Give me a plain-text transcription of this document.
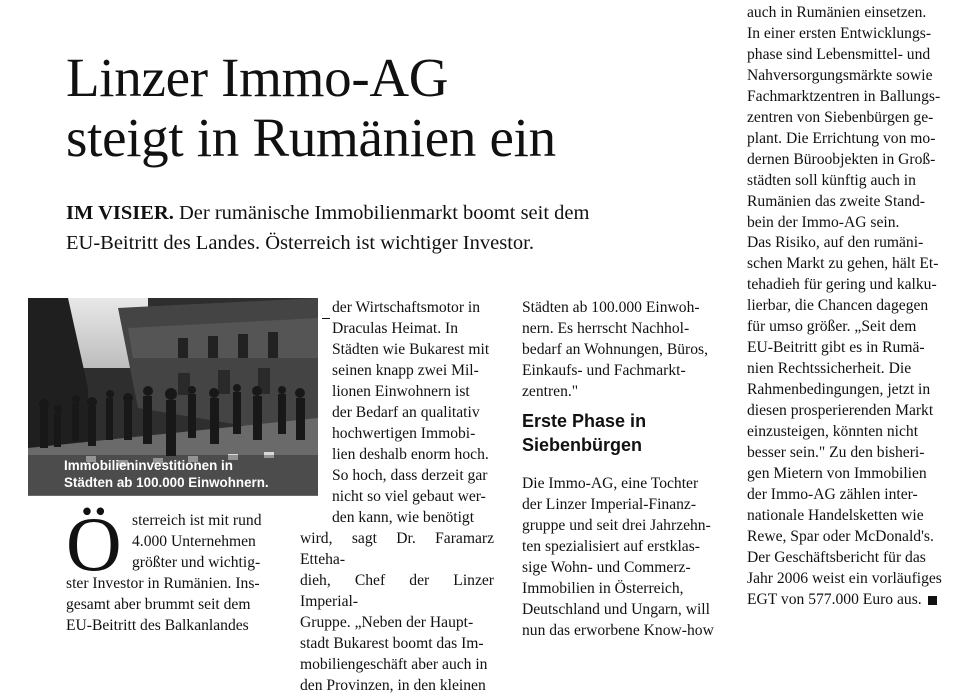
Linzer Immo-AG
steigt in Rumänien ein

IM VISIER. Der rumänische Immobilienmarkt boomt seit dem
EU-Beitritt des Landes. Österreich ist wichtiger Investor.

Immobilieninvestitionen in
Städten ab 100.000 Einwohnern.
Ö sterreich ist mit rund
4.000 Unternehmen
größter und wichtig-
ster Investor in Rumänien. Ins-
gesamt aber brummt seit dem
EU-Beitritt des Balkanlandes
der Wirtschaftsmotor in
Draculas Heimat. In
Städten wie Bukarest mit
seinen knapp zwei Mil-
lionen Einwohnern ist
der Bedarf an qualitativ
hochwertigen Immobi-
lien deshalb enorm hoch.
So hoch, dass derzeit gar
nicht so viel gebaut wer-
den kann, wie benötigt
wird, sagt Dr. Faramarz Etteha-
dieh, Chef der Linzer Imperial-
Gruppe. „Neben der Haupt-
stadt Bukarest boomt das Im-
mobiliengeschäft aber auch in
den Provinzen, in den kleinen
Städten ab 100.000 Einwoh-
nern. Es herrscht Nachhol-
bedarf an Wohnungen, Büros,
Einkaufs- und Fachmarkt-
zentren."
Erste Phase in
Siebenbürgen
Die Immo-AG, eine Tochter
der Linzer Imperial-Finanz-
gruppe und seit drei Jahrzehn-
ten spezialisiert auf erstklas-
sige Wohn- und Commerz-
Immobilien in Österreich,
Deutschland und Ungarn, will
nun das erworbene Know-how
auch in Rumänien einsetzen.
In einer ersten Entwicklungs-
phase sind Lebensmittel- und
Nahversorgungsmärkte sowie
Fachmarktzentren in Ballungs-
zentren von Siebenbürgen ge-
plant. Die Errichtung von mo-
dernen Büroobjekten in Groß-
städten soll künftig auch in
Rumänien das zweite Stand-
bein der Immo-AG sein.
Das Risiko, auf den rumäni-
schen Markt zu gehen, hält Et-
tehadieh für gering und kalku-
lierbar, die Chancen dagegen
für umso größer. „Seit dem
EU-Beitritt gibt es in Rumä-
nien Rechtssicherheit. Die
Rahmenbedingungen, jetzt in
diesen prosperierenden Markt
einzusteigen, könnten nicht
besser sein." Zu den bisheri-
gen Mietern von Immobilien
der Immo-AG zählen inter-
nationale Handelsketten wie
Rewe, Spar oder McDonald's.
Der Geschäftsbericht für das
Jahr 2006 weist ein vorläufiges
EGT von 577.000 Euro aus.
